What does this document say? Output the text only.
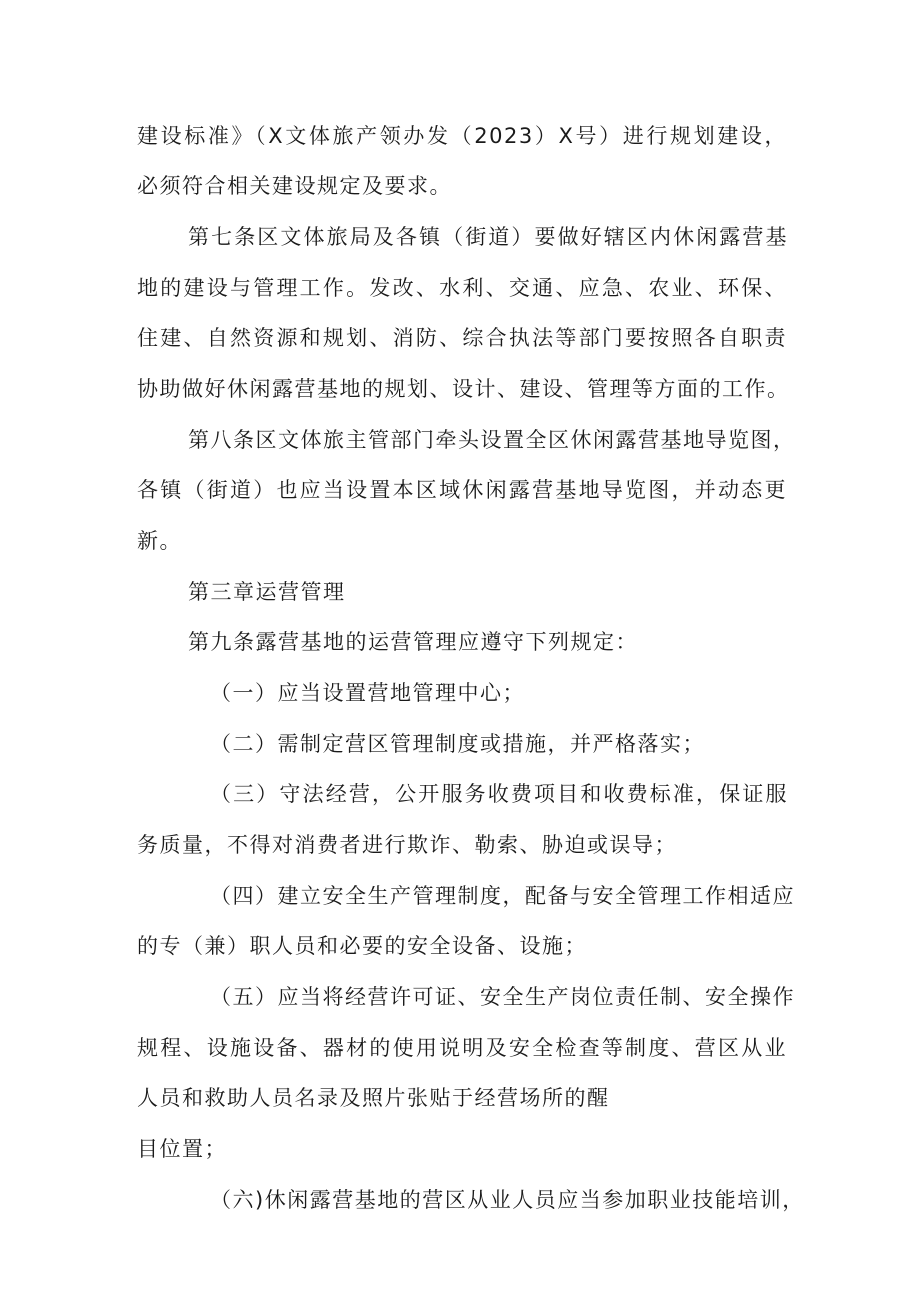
建设标准》（X文体旅产领办发（2023）X号）进行规划建设，

必须符合相关建设规定及要求。

第七条区文体旅局及各镇（街道）要做好辖区内休闲露营基

地的建设与管理工作。发改、水利、交通、应急、农业、环保、

住建、自然资源和规划、消防、综合执法等部门要按照各自职责

协助做好休闲露营基地的规划、设计、建设、管理等方面的工作。

第八条区文体旅主管部门牵头设置全区休闲露营基地导览图，

各镇（街道）也应当设置本区域休闲露营基地导览图，并动态更

新。

第三章运营管理

第九条露营基地的运营管理应遵守下列规定：

（一）应当设置营地管理中心；

（二）需制定营区管理制度或措施，并严格落实；

（三）守法经营，公开服务收费项目和收费标准，保证服

务质量，不得对消费者进行欺诈、勒索、胁迫或误导；

（四）建立安全生产管理制度，配备与安全管理工作相适应

的专（兼）职人员和必要的安全设备、设施；

（五）应当将经营许可证、安全生产岗位责任制、安全操作

规程、设施设备、器材的使用说明及安全检查等制度、营区从业

人员和救助人员名录及照片张贴于经营场所的醒

目位置；

（六)休闲露营基地的营区从业人员应当参加职业技能培训，
